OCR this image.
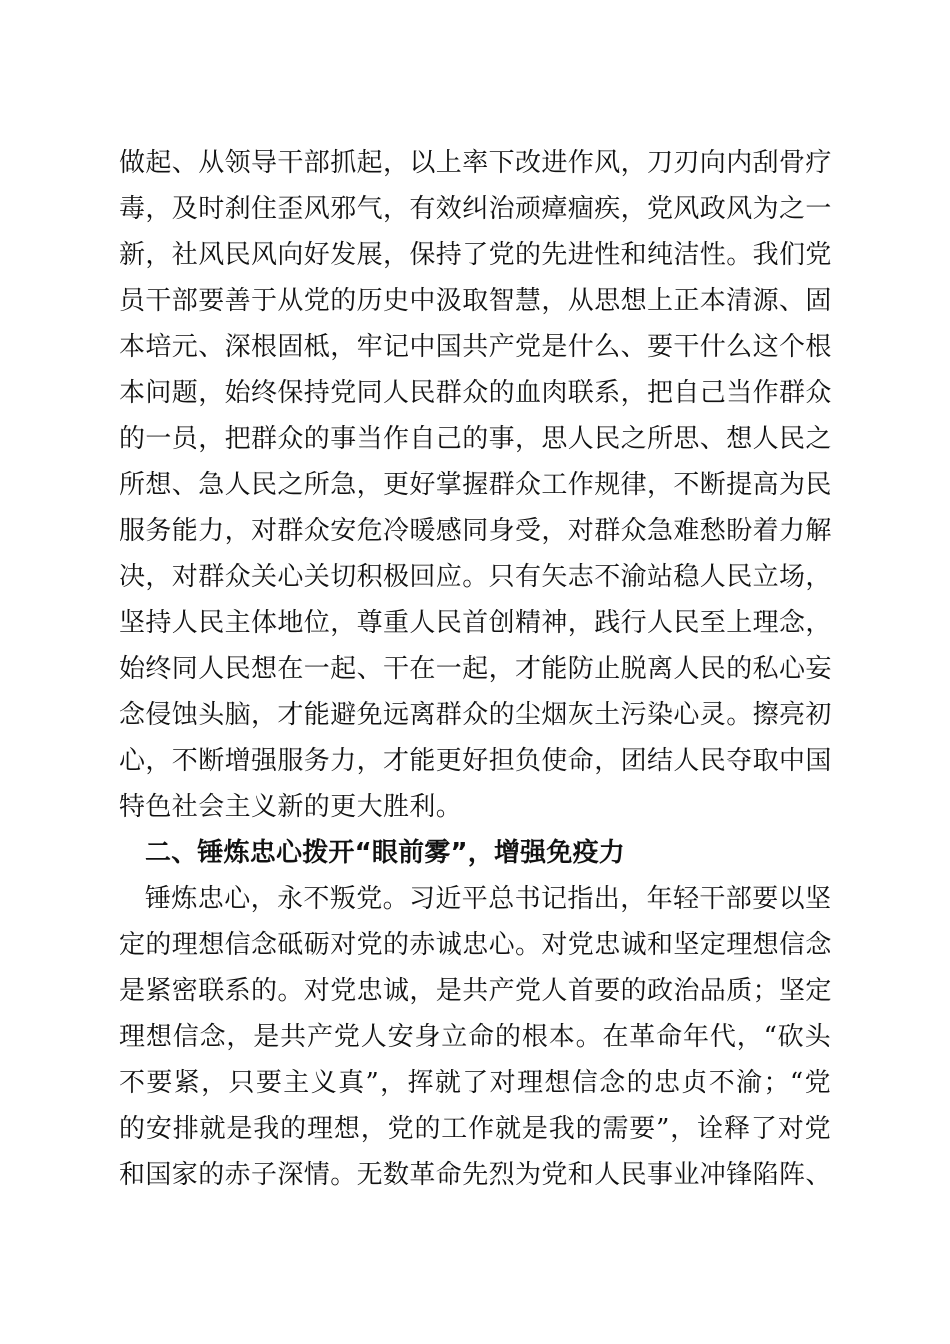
做起、从领导干部抓起，以上率下改进作风，刀刃向内刮骨疗
毒，及时刹住歪风邪气，有效纠治顽瘴痼疾，党风政风为之一
新，社风民风向好发展，保持了党的先进性和纯洁性。我们党
员干部要善于从党的历史中汲取智慧，从思想上正本清源、固
本培元、深根固柢，牢记中国共产党是什么、要干什么这个根
本问题，始终保持党同人民群众的血肉联系，把自己当作群众
的一员，把群众的事当作自己的事，思人民之所思、想人民之
所想、急人民之所急，更好掌握群众工作规律，不断提高为民
服务能力，对群众安危冷暖感同身受，对群众急难愁盼着力解
决，对群众关心关切积极回应。只有矢志不渝站稳人民立场，
坚持人民主体地位，尊重人民首创精神，践行人民至上理念，
始终同人民想在一起、干在一起，才能防止脱离人民的私心妄
念侵蚀头脑，才能避免远离群众的尘烟灰土污染心灵。擦亮初
心，不断增强服务力，才能更好担负使命，团结人民夺取中国
特色社会主义新的更大胜利。
二、锤炼忠心拨开“眼前雾”，增强免疫力
锤炼忠心，永不叛党。习近平总书记指出，年轻干部要以坚
定的理想信念砥砺对党的赤诚忠心。对党忠诚和坚定理想信念
是紧密联系的。对党忠诚，是共产党人首要的政治品质；坚定
理想信念，是共产党人安身立命的根本。在革命年代，“砍头
不要紧，只要主义真”，挥就了对理想信念的忠贞不渝；“党
的安排就是我的理想，党的工作就是我的需要”，诠释了对党
和国家的赤子深情。无数革命先烈为党和人民事业冲锋陷阵、
